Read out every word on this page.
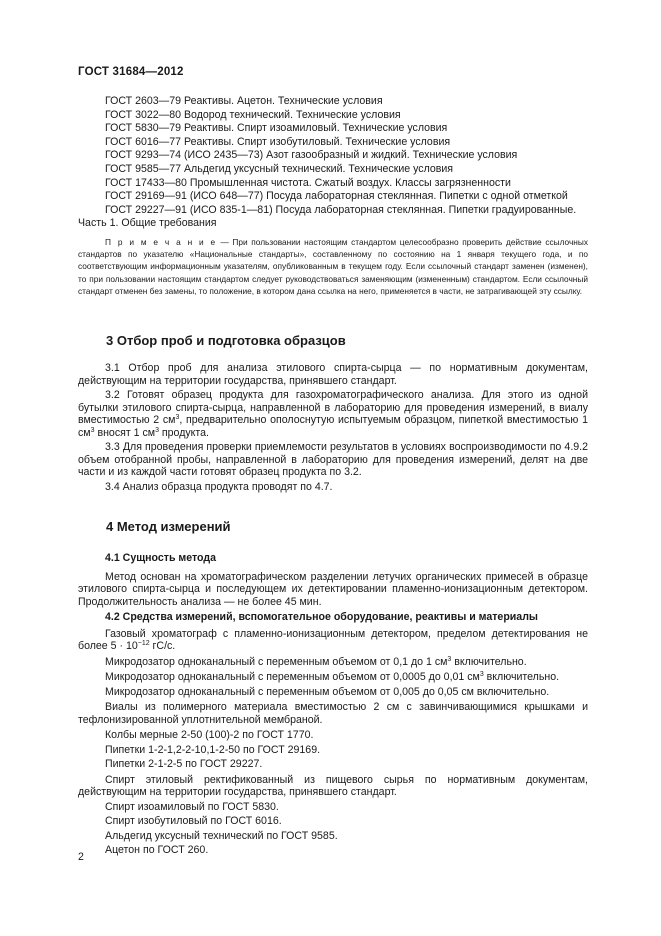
ГОСТ 31684—2012
ГОСТ 2603—79 Реактивы. Ацетон. Технические условия
ГОСТ 3022—80 Водород технический. Технические условия
ГОСТ 5830—79 Реактивы. Спирт изоамиловый. Технические условия
ГОСТ 6016—77 Реактивы. Спирт изобутиловый. Технические условия
ГОСТ 9293—74 (ИСО 2435—73) Азот газообразный и жидкий. Технические условия
ГОСТ 9585—77 Альдегид уксусный технический. Технические условия
ГОСТ 17433—80 Промышленная чистота. Сжатый воздух. Классы загрязненности
ГОСТ 29169—91 (ИСО 648—77) Посуда лабораторная стеклянная. Пипетки с одной отметкой
ГОСТ 29227—91 (ИСО 835-1—81) Посуда лабораторная стеклянная. Пипетки градуированные.
Часть 1. Общие требования

П р и м е ч а н и е — При пользовании настоящим стандартом целесообразно проверить действие ссылочных стандартов по указателю «Национальные стандарты», составленному по состоянию на 1 января текущего года, и по соответствующим информационным указателям, опубликованным в текущем году. Если ссылочный стандарт заменен (изменен), то при пользовании настоящим стандартом следует руководствоваться заменяющим (измененным) стандартом. Если ссылочный стандарт отменен без замены, то положение, в котором дана ссылка на него, применяется в части, не затрагивающей эту ссылку.

3 Отбор проб и подготовка образцов

3.1 Отбор проб для анализа этилового спирта-сырца — по нормативным документам, действующим на территории государства, принявшего стандарт.

3.2 Готовят образец продукта для газохроматографического анализа. Для этого из одной бутылки этилового спирта-сырца, направленной в лабораторию для проведения измерений, в виалу вместимостью 2 $см^3$, предварительно ополоснутую испытуемым образцом, пипеткой вместимостью 1 $см^3$ вносят 1 $см^3$ продукта.

3.3 Для проведения проверки приемлемости результатов в условиях воспроизводимости по 4.9.2 объем отобранной пробы, направленной в лабораторию для проведения измерений, делят на две части и из каждой части готовят образец продукта по 3.2.

3.4 Анализ образца продукта проводят по 4.7.

4 Метод измерений

4.1 Сущность метода

Метод основан на хроматографическом разделении летучих органических примесей в образце этилового спирта-сырца и последующем их детектировании пламенно-ионизационным детектором. Продолжительность анализа — не более 45 мин.

4.2 Средства измерений, вспомогательное оборудование, реактивы и материалы

Газовый хроматограф с пламенно-ионизационным детектором, пределом детектирования не более $5 \cdot 10^{-12}$ гС/с.

Микродозатор одноканальный с переменным объемом от 0,1 до 1 $см^3$ включительно.

Микродозатор одноканальный с переменным объемом от 0,0005 до 0,01 $см^3$ включительно.

Микродозатор одноканальный с переменным объемом от 0,005 до 0,05 см включительно.

Виалы из полимерного материала вместимостью 2 см с завинчивающимися крышками и тефлонизированной уплотнительной мембраной.

Колбы мерные 2-50 (100)-2 по ГОСТ 1770.

Пипетки 1-2-1,2-2-10,1-2-50 по ГОСТ 29169.

Пипетки 2-1-2-5 по ГОСТ 29227.

Спирт этиловый ректификованный из пищевого сырья по нормативным документам, действующим на территории государства, принявшего стандарт.

Спирт изоамиловый по ГОСТ 5830.

Спирт изобутиловый по ГОСТ 6016.

Альдегид уксусный технический по ГОСТ 9585.

Ацетон по ГОСТ 260.

2
